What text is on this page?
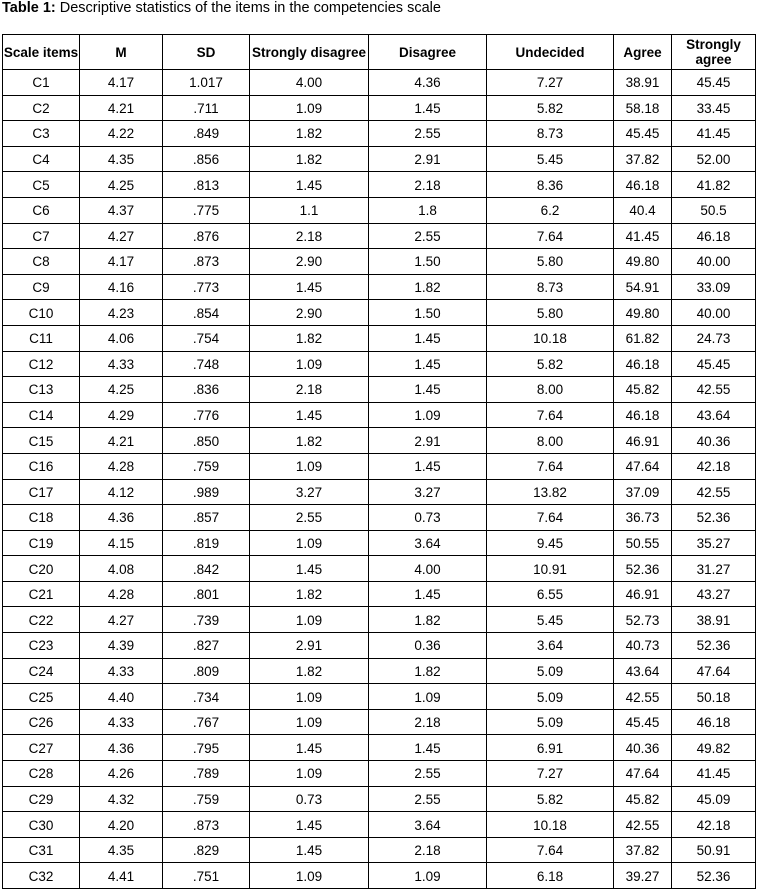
Table 1: Descriptive statistics of the items in the competencies scale
Scale items	M	SD	Strongly disagree	Disagree	Undecided	Agree	Strongly agree
C1	4.17	1.017	4.00	4.36	7.27	38.91	45.45
C2	4.21	.711	1.09	1.45	5.82	58.18	33.45
C3	4.22	.849	1.82	2.55	8.73	45.45	41.45
C4	4.35	.856	1.82	2.91	5.45	37.82	52.00
C5	4.25	.813	1.45	2.18	8.36	46.18	41.82
C6	4.37	.775	1.1	1.8	6.2	40.4	50.5
C7	4.27	.876	2.18	2.55	7.64	41.45	46.18
C8	4.17	.873	2.90	1.50	5.80	49.80	40.00
C9	4.16	.773	1.45	1.82	8.73	54.91	33.09
C10	4.23	.854	2.90	1.50	5.80	49.80	40.00
C11	4.06	.754	1.82	1.45	10.18	61.82	24.73
C12	4.33	.748	1.09	1.45	5.82	46.18	45.45
C13	4.25	.836	2.18	1.45	8.00	45.82	42.55
C14	4.29	.776	1.45	1.09	7.64	46.18	43.64
C15	4.21	.850	1.82	2.91	8.00	46.91	40.36
C16	4.28	.759	1.09	1.45	7.64	47.64	42.18
C17	4.12	.989	3.27	3.27	13.82	37.09	42.55
C18	4.36	.857	2.55	0.73	7.64	36.73	52.36
C19	4.15	.819	1.09	3.64	9.45	50.55	35.27
C20	4.08	.842	1.45	4.00	10.91	52.36	31.27
C21	4.28	.801	1.82	1.45	6.55	46.91	43.27
C22	4.27	.739	1.09	1.82	5.45	52.73	38.91
C23	4.39	.827	2.91	0.36	3.64	40.73	52.36
C24	4.33	.809	1.82	1.82	5.09	43.64	47.64
C25	4.40	.734	1.09	1.09	5.09	42.55	50.18
C26	4.33	.767	1.09	2.18	5.09	45.45	46.18
C27	4.36	.795	1.45	1.45	6.91	40.36	49.82
C28	4.26	.789	1.09	2.55	7.27	47.64	41.45
C29	4.32	.759	0.73	2.55	5.82	45.82	45.09
C30	4.20	.873	1.45	3.64	10.18	42.55	42.18
C31	4.35	.829	1.45	2.18	7.64	37.82	50.91
C32	4.41	.751	1.09	1.09	6.18	39.27	52.36
